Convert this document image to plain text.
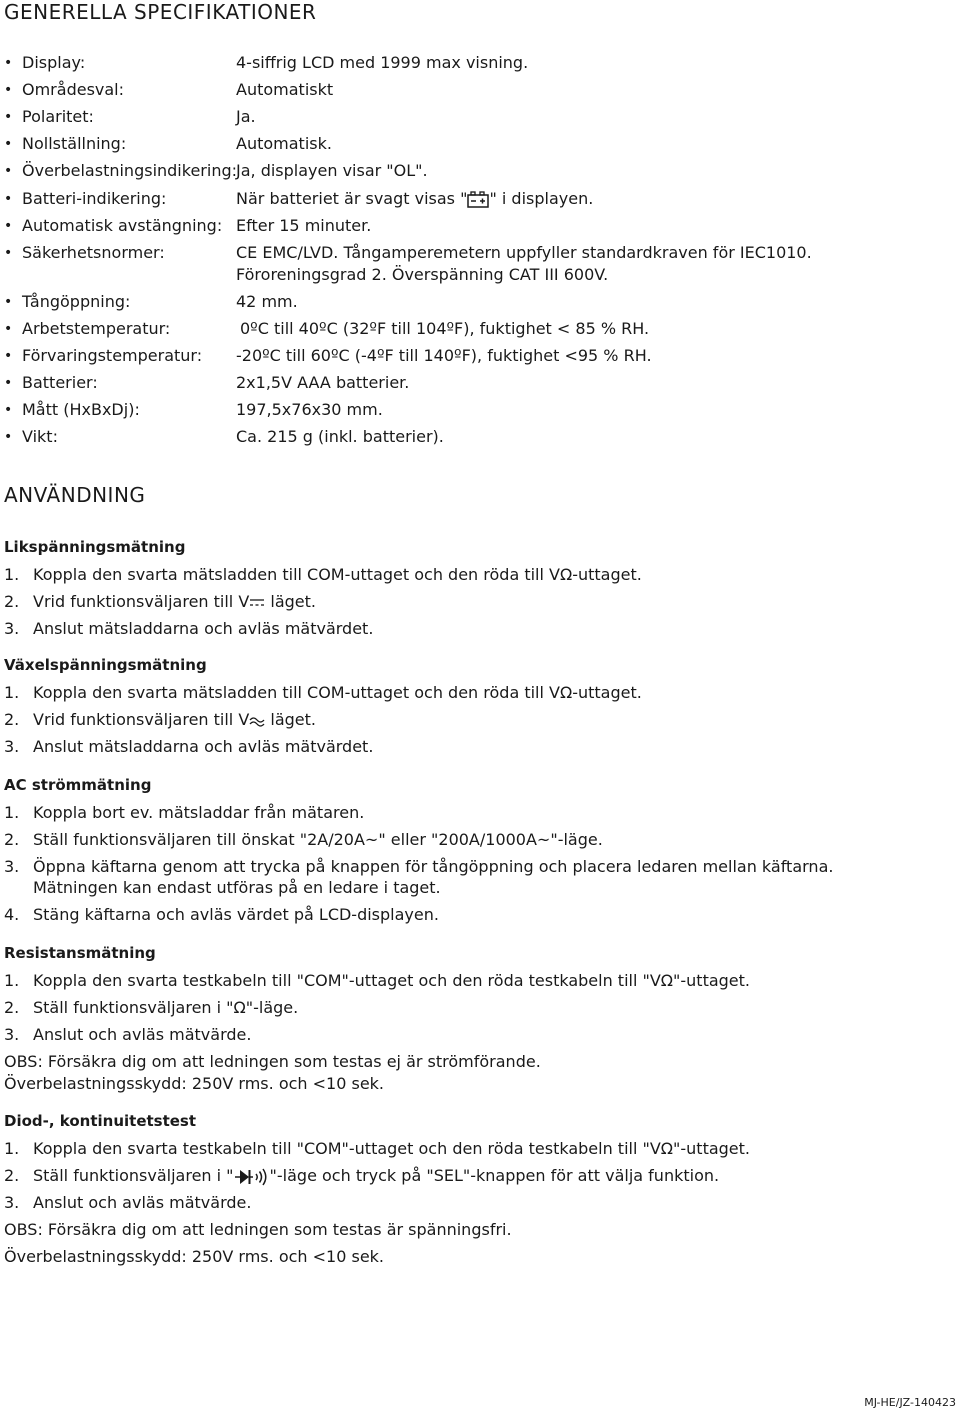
GENERELLA SPECIFIKATIONER
• Display:	4-siffrig LCD med 1999 max visning.
• Områdesval:	Automatiskt
• Polaritet:	Ja.
• Nollställning:	Automatisk.
• Överbelastningsindikering: Ja, displayen visar "OL".
• Batteri-indikering:	När batteriet är svagt visas " " i displayen.
• Automatisk avstängning: Efter 15 minuter.
• Säkerhetsnormer:	CE EMC/LVD. Tångamperemetern uppfyller standardkraven för IEC1010.
Föroreningsgrad 2. Överspänning CAT III 600V.
• Tångöppning:	42 mm.
• Arbetstemperatur:	0ºC till 40ºC (32ºF till 104ºF), fuktighet < 85 % RH.
• Förvaringstemperatur: -20ºC till 60ºC (-4ºF till 140ºF), fuktighet <95 % RH.
• Batterier:	2x1,5V AAA batterier.
• Mått (HxBxDj):	197,5x76x30 mm.
• Vikt:	Ca. 215 g (inkl. batterier).
ANVÄNDNING
Likspänningsmätning
1. Koppla den svarta mätsladden till COM-uttaget och den röda till VΩ-uttaget.
2. Vrid funktionsväljaren till V läget.
3. Anslut mätsladdarna och avläs mätvärdet.
Växelspänningsmätning
1. Koppla den svarta mätsladden till COM-uttaget och den röda till VΩ-uttaget.
2. Vrid funktionsväljaren till V läget.
3. Anslut mätsladdarna och avläs mätvärdet.
AC strömmätning
1. Koppla bort ev. mätsladdar från mätaren.
2. Ställ funktionsväljaren till önskat "2A/20A~" eller "200A/1000A~"-läge.
3. Öppna käftarna genom att trycka på knappen för tångöppning och placera ledaren mellan käftarna.
Mätningen kan endast utföras på en ledare i taget.
4. Stäng käftarna och avläs värdet på LCD-displayen.
Resistansmätning
1. Koppla den svarta testkabeln till "COM"-uttaget och den röda testkabeln till "VΩ"-uttaget.
2. Ställ funktionsväljaren i "Ω"-läge.
3. Anslut och avläs mätvärde.
OBS: Försäkra dig om att ledningen som testas ej är strömförande.
Överbelastningsskydd: 250V rms. och <10 sek.
Diod-, kontinuitetstest
1. Koppla den svarta testkabeln till "COM"-uttaget och den röda testkabeln till "VΩ"-uttaget.
2. Ställ funktionsväljaren i " "-läge och tryck på "SEL"-knappen för att välja funktion.
3. Anslut och avläs mätvärde.
OBS: Försäkra dig om att ledningen som testas är spänningsfri.
Överbelastningsskydd: 250V rms. och <10 sek.
MJ-HE/JZ-140423
